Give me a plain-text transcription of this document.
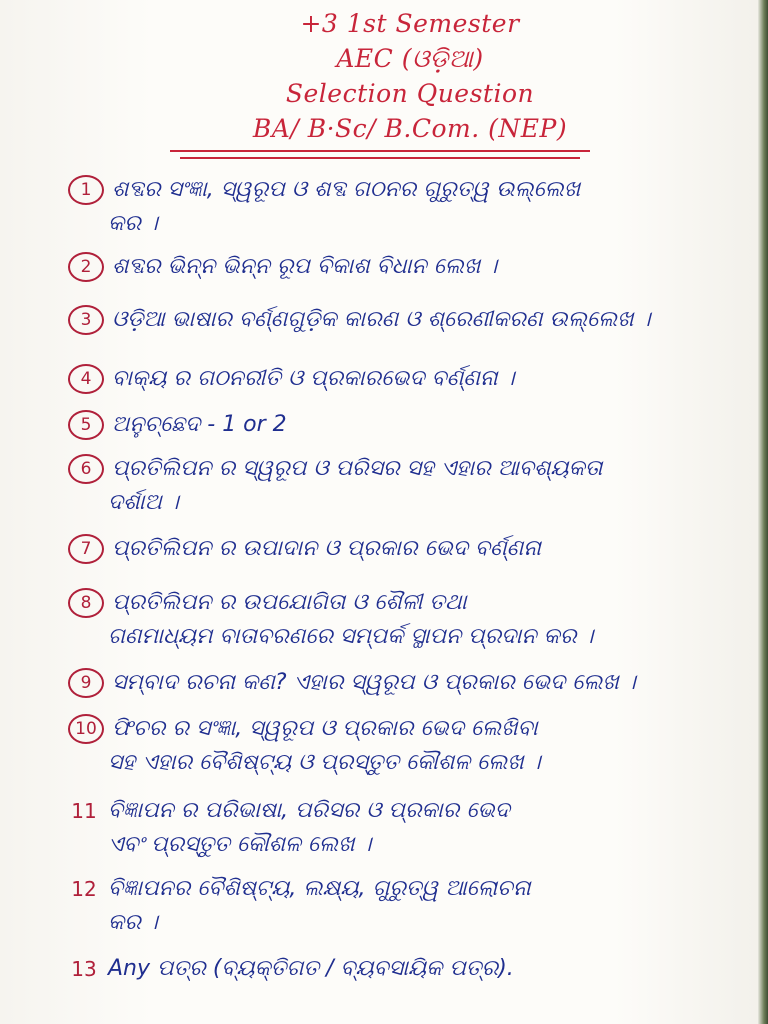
+3 1st Semester
AEC (ଓଡ଼ିଆ)
Selection Question
BA/ B·Sc/ B.Com. (NEP)
1 ଶବ୍ଦର ସଂଜ୍ଞା, ସ୍ୱରୂପ ଓ ଶବ୍ଦ ଗଠନର ଗୁରୁତ୍ୱ ଉଲ୍ଲେଖ
କର ।
2 ଶବ୍ଦର ଭିନ୍ନ ଭିନ୍ନ ରୂପ ବିକାଶ ବିଧାନ ଲେଖ ।
3 ଓଡ଼ିଆ ଭାଷାର ବର୍ଣ୍ଣଗୁଡ଼ିକ କାରଣ ଓ ଶ୍ରେଣୀକରଣ ଉଲ୍ଲେଖ ।
4 ବାକ୍ୟ ର ଗଠନରୀତି ଓ ପ୍ରକାରଭେଦ ବର୍ଣ୍ଣନା ।
5 ଅନୁଚ୍ଛେଦ - 1 or 2
6 ପ୍ରତିଲିପନ ର ସ୍ୱରୂପ ଓ ପରିସର ସହ ଏହାର ଆବଶ୍ୟକତା
ଦର୍ଶାଅ ।
7 ପ୍ରତିଲିପନ ର ଉପାଦାନ ଓ ପ୍ରକାର ଭେଦ ବର୍ଣ୍ଣନା
8 ପ୍ରତିଲିପନ ର ଉପଯୋଗିତା ଓ ଶୈଳୀ ତଥା
ଗଣମାଧ୍ୟମ ବାତାବରଣରେ ସମ୍ପର୍କ ସ୍ଥାପନ ପ୍ରଦାନ କର ।
9 ସମ୍ବାଦ ରଚନା କଣ? ଏହାର ସ୍ୱରୂପ ଓ ପ୍ରକାର ଭେଦ ଲେଖ ।
10 ଫିଚର ର ସଂଜ୍ଞା, ସ୍ୱରୂପ ଓ ପ୍ରକାର ଭେଦ ଲେଖିବା
ସହ ଏହାର ବୈଶିଷ୍ଟ୍ୟ ଓ ପ୍ରସ୍ତୁତ କୌଶଳ ଲେଖ ।
11 ବିଜ୍ଞାପନ ର ପରିଭାଷା, ପରିସର ଓ ପ୍ରକାର ଭେଦ
ଏବଂ ପ୍ରସ୍ତୁତ କୌଶଳ ଲେଖ ।
12 ବିଜ୍ଞାପନର ବୈଶିଷ୍ଟ୍ୟ, ଲକ୍ଷ୍ୟ, ଗୁରୁତ୍ୱ ଆଲୋଚନା
କର ।
13 Any ପତ୍ର (ବ୍ୟକ୍ତିଗତ / ବ୍ୟବସାୟିକ ପତ୍ର).
